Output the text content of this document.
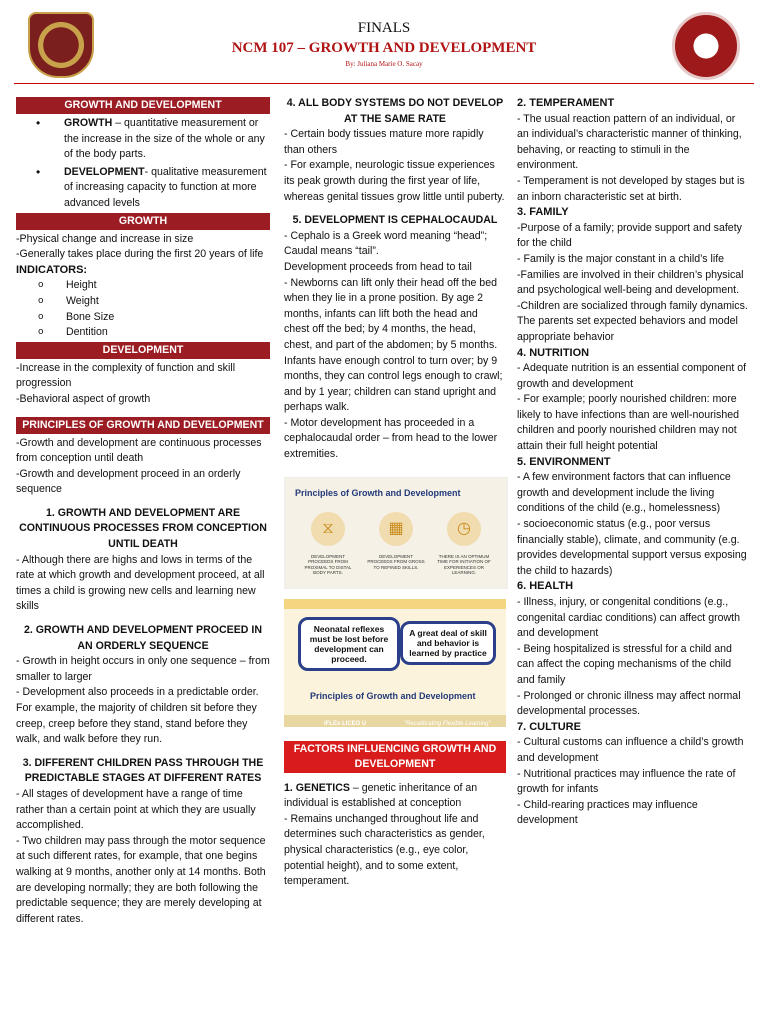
FINALS
NCM 107 – GROWTH AND DEVELOPMENT
By: Juliana Marie O. Sacay
GROWTH AND DEVELOPMENT
•	GROWTH – quantitative measurement or the increase in the size of the whole or any of the body parts.
•	DEVELOPMENT- qualitative measurement of increasing capacity to function at more advanced levels
GROWTH

-Physical change and increase in size

-Generally takes place during the first 20 years of life

INDICATORS:

o	Height
o	Weight
o	Bone Size
o	Dentition
DEVELOPMENT

-Increase in the complexity of function and skill progression

-Behavioral aspect of growth

PRINCIPLES OF GROWTH AND DEVELOPMENT

-Growth and development are continuous processes from conception until death

-Growth and development proceed in an orderly sequence

1. GROWTH AND DEVELOPMENT ARE CONTINUOUS PROCESSES FROM CONCEPTION UNTIL DEATH

- Although there are highs and lows in terms of the rate at which growth and development proceed, at all times a child is growing new cells and learning new skills

2. GROWTH AND DEVELOPMENT PROCEED IN AN ORDERLY SEQUENCE

- Growth in height occurs in only one sequence – from smaller to larger

- Development also proceeds in a predictable order. For example, the majority of children sit before they creep, creep before they stand, stand before they walk, and walk before they run.

3. DIFFERENT CHILDREN PASS THROUGH THE PREDICTABLE STAGES AT DIFFERENT RATES

- All stages of development have a range of time rather than a certain point at which they are usually accomplished.

- Two children may pass through the motor sequence at such different rates, for example, that one begins walking at 9 months, another only at 14 months. Both are developing normally; they are both following the predictable sequence; they are merely developing at different rates.

4. ALL BODY SYSTEMS DO NOT DEVELOP AT THE SAME RATE

- Certain body tissues mature more rapidly than others

- For example, neurologic tissue experiences its peak growth during the first year of life, whereas genital tissues grow little until puberty.

5. DEVELOPMENT IS CEPHALOCAUDAL

- Cephalo is a Greek word meaning “head”; Caudal means “tail”.

Development proceeds from head to tail

- Newborns can lift only their head off the bed when they lie in a prone position. By age 2 months, infants can lift both the head and chest off the bed; by 4 months, the head, chest, and part of the abdomen; by 5 months. Infants have enough control to turn over; by 9 months, they can control legs enough to crawl; and by 1 year; children can stand upright and perhaps walk.

- Motor development has proceeded in a cephalocaudal order – from head to the lower extremities.

Principles of Growth and Development
⧖	▦	◷
DEVELOPMENT PROCEEDS FROM PROXIMAL TO DISTAL BODY PARTS.
DEVELOPMENT PROCEEDS FROM GROSS TO REFINED SKILLS.
THERE IS AN OPTIMUM TIME FOR INITIATION OF EXPERIENCES OR LEARNING.
Neonatal reflexes must be lost before development can proceed.
A great deal of skill and behavior is learned by practice
Principles of Growth and Development
iFLEx LICEO U	"Recalibrating Flexible Learning"
FACTORS INFLUENCING GROWTH AND DEVELOPMENT

1. GENETICS – genetic inheritance of an individual is established at conception

- Remains unchanged throughout life and determines such characteristics as gender, physical characteristics (e.g., eye color, potential height), and to some extent, temperament.

2. TEMPERAMENT

- The usual reaction pattern of an individual, or an individual’s characteristic manner of thinking, behaving, or reacting to stimuli in the environment.

- Temperament is not developed by stages but is an inborn characteristic set at birth.

3. FAMILY

-Purpose of a family; provide support and safety for the child

- Family is the major constant in a child’s life

-Families are involved in their children’s physical and psychological well-being and development.

-Children are socialized through family dynamics. The parents set expected behaviors and model appropriate behavior

4. NUTRITION

- Adequate nutrition is an essential component of growth and development

- For example; poorly nourished children: more likely to have infections than are well-nourished children and poorly nourished children may not attain their full height potential

5. ENVIRONMENT

- A few environment factors that can influence growth and development include the living conditions of the child (e.g., homelessness)

- socioeconomic status (e.g., poor versus financially stable), climate, and community (e.g. provides developmental support versus exposing the child to hazards)

6. HEALTH

- Illness, injury, or congenital conditions (e.g., congenital cardiac conditions) can affect growth and development

- Being hospitalized is stressful for a child and can affect the coping mechanisms of the child and family

- Prolonged or chronic illness may affect normal developmental processes.

7. CULTURE

- Cultural customs can influence a child’s growth and development

- Nutritional practices may influence the rate of growth for infants

- Child-rearing practices may influence development
